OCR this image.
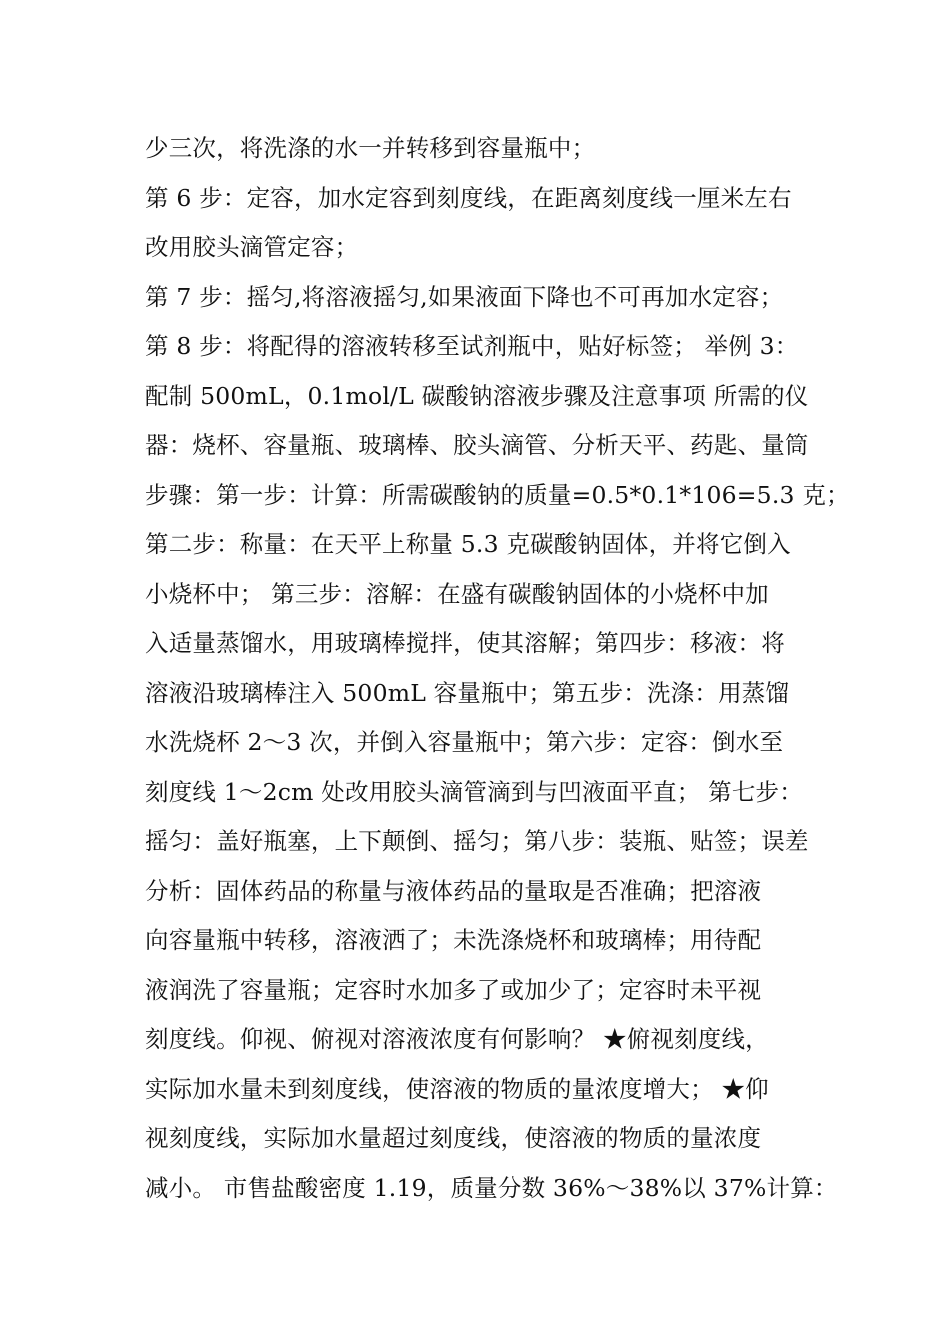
少三次，将洗涤的水一并转移到容量瓶中；
第 6 步：定容，加水定容到刻度线，在距离刻度线一厘米左右
改用胶头滴管定容；
第 7 步：摇匀,将溶液摇匀,如果液面下降也不可再加水定容；
第 8 步：将配得的溶液转移至试剂瓶中，贴好标签； 举例 3：
配制 500mL，0.1mol/L 碳酸钠溶液步骤及注意事项 所需的仪
器：烧杯、容量瓶、玻璃棒、胶头滴管、分析天平、药匙、量筒
步骤：第一步：计算：所需碳酸钠的质量=0.5*0.1*106=5.3 克；
第二步：称量：在天平上称量 5.3 克碳酸钠固体，并将它倒入
小烧杯中； 第三步：溶解：在盛有碳酸钠固体的小烧杯中加
入适量蒸馏水，用玻璃棒搅拌，使其溶解；第四步：移液：将
溶液沿玻璃棒注入 500mL 容量瓶中；第五步：洗涤：用蒸馏
水洗烧杯 2～3 次，并倒入容量瓶中；第六步：定容：倒水至
刻度线 1～2cm 处改用胶头滴管滴到与凹液面平直； 第七步：
摇匀：盖好瓶塞，上下颠倒、摇匀；第八步：装瓶、贴签；误差
分析：固体药品的称量与液体药品的量取是否准确；把溶液
向容量瓶中转移，溶液洒了；未洗涤烧杯和玻璃棒；用待配
液润洗了容量瓶；定容时水加多了或加少了；定容时未平视
刻度线。仰视、俯视对溶液浓度有何影响？ ★俯视刻度线，
实际加水量未到刻度线，使溶液的物质的量浓度增大； ★仰
视刻度线，实际加水量超过刻度线，使溶液的物质的量浓度
减小。 市售盐酸密度 1.19，质量分数 36%～38%以 37%计算：
